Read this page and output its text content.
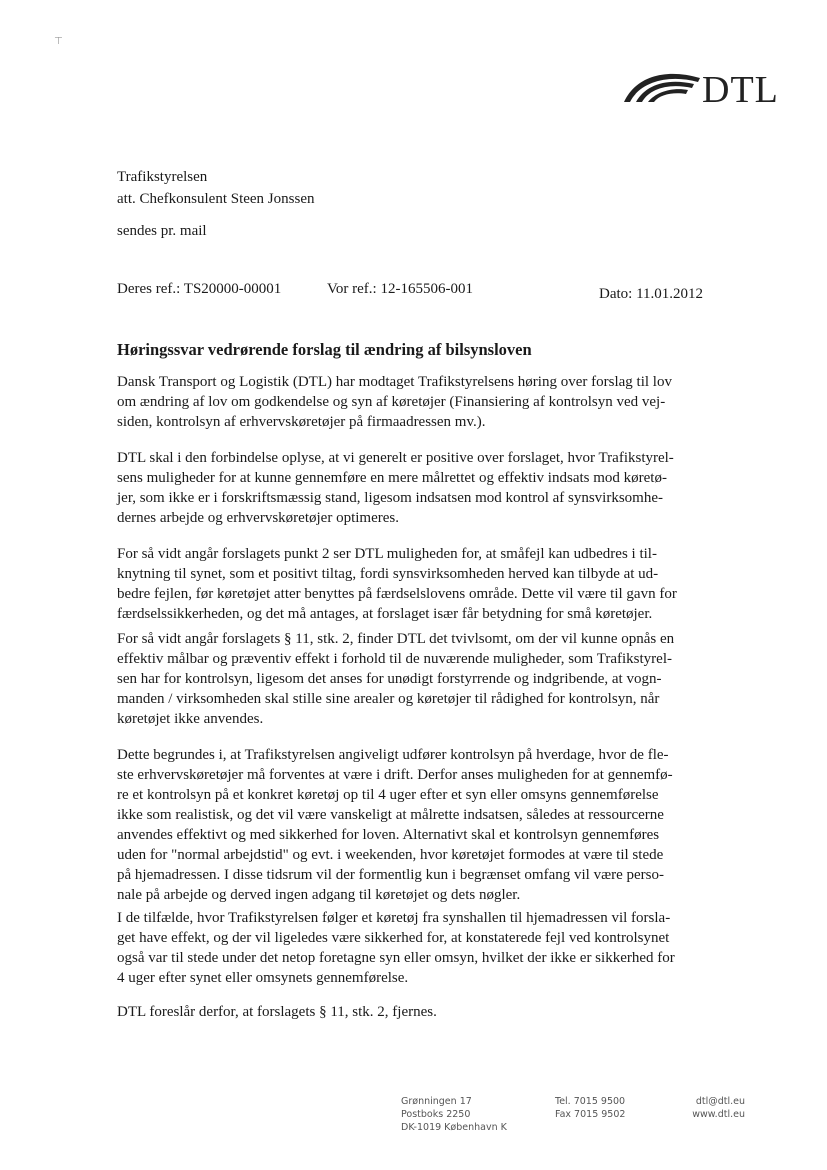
⊤
DTL
Trafikstyrelsen
att. Chefkonsulent Steen Jonssen
sendes pr. mail
Deres ref.: TS20000-00001	Vor ref.: 12-165506-001	Dato: 11.01.2012
Høringssvar vedrørende forslag til ændring af bilsynsloven
Dansk Transport og Logistik (DTL) har modtaget Trafikstyrelsens høring over forslag til lov
om ændring af lov om godkendelse og syn af køretøjer (Finansiering af kontrolsyn ved vej-
siden, kontrolsyn af erhvervskøretøjer på firmaadressen mv.).
DTL skal i den forbindelse oplyse, at vi generelt er positive over forslaget, hvor Trafikstyrel-
sens muligheder for at kunne gennemføre en mere målrettet og effektiv indsats mod køretø-
jer, som ikke er i forskriftsmæssig stand, ligesom indsatsen mod kontrol af synsvirksomhe-
dernes arbejde og erhvervskøretøjer optimeres.
For så vidt angår forslagets punkt 2 ser DTL muligheden for, at småfejl kan udbedres i til-
knytning til synet, som et positivt tiltag, fordi synsvirksomheden herved kan tilbyde at ud-
bedre fejlen, før køretøjet atter benyttes på færdselslovens område. Dette vil være til gavn for
færdselssikkerheden, og det må antages, at forslaget især får betydning for små køretøjer.
For så vidt angår forslagets § 11, stk. 2, finder DTL det tvivlsomt, om der vil kunne opnås en
effektiv målbar og præventiv effekt i forhold til de nuværende muligheder, som Trafikstyrel-
sen har for kontrolsyn, ligesom det anses for unødigt forstyrrende og indgribende, at vogn-
manden / virksomheden skal stille sine arealer og køretøjer til rådighed for kontrolsyn, når
køretøjet ikke anvendes.
Dette begrundes i, at Trafikstyrelsen angiveligt udfører kontrolsyn på hverdage, hvor de fle-
ste erhvervskøretøjer må forventes at være i drift. Derfor anses muligheden for at gennemfø-
re et kontrolsyn på et konkret køretøj op til 4 uger efter et syn eller omsyns gennemførelse
ikke som realistisk, og det vil være vanskeligt at målrette indsatsen, således at ressourcerne
anvendes effektivt og med sikkerhed for loven. Alternativt skal et kontrolsyn gennemføres
uden for "normal arbejdstid" og evt. i weekenden, hvor køretøjet formodes at være til stede
på hjemadressen. I disse tidsrum vil der formentlig kun i begrænset omfang vil være perso-
nale på arbejde og derved ingen adgang til køretøjet og dets nøgler.
I de tilfælde, hvor Trafikstyrelsen følger et køretøj fra synshallen til hjemadressen vil forsla-
get have effekt, og der vil ligeledes være sikkerhed for, at konstaterede fejl ved kontrolsynet
også var til stede under det netop foretagne syn eller omsyn, hvilket der ikke er sikkerhed for
4 uger efter synet eller omsynets gennemførelse.
DTL foreslår derfor, at forslagets § 11, stk. 2, fjernes.
Grønningen 17
Postboks 2250
DK-1019 København K
Tel. 7015 9500
Fax 7015 9502
dtl@dtl.eu
www.dtl.eu
